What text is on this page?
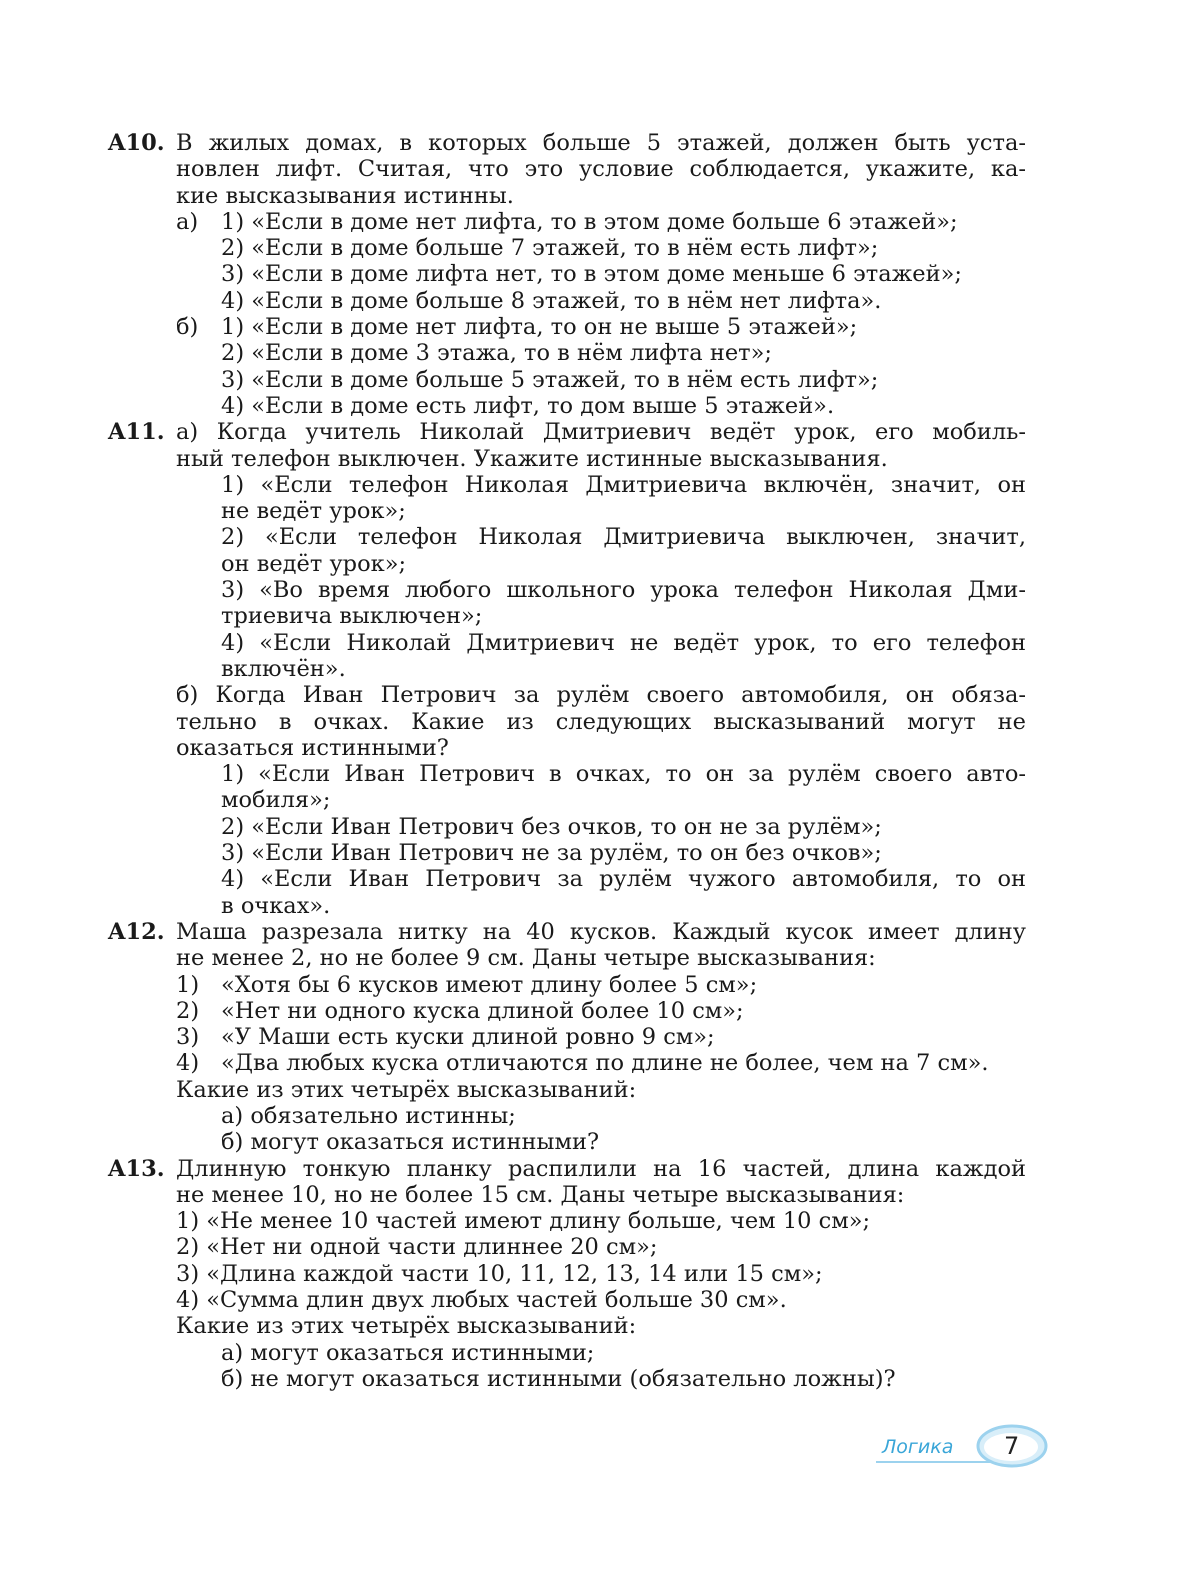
A10. В жилых домах, в которых больше 5 этажей, должен быть уста-
новлен лифт. Считая, что это условие соблюдается, укажите, ка-
кие высказывания истинны.
а)	1) «Если в доме нет лифта, то в этом доме больше 6 этажей»;
2) «Если в доме больше 7 этажей, то в нём есть лифт»;
3) «Если в доме лифта нет, то в этом доме меньше 6 этажей»;
4) «Если в доме больше 8 этажей, то в нём нет лифта».
б)	1) «Если в доме нет лифта, то он не выше 5 этажей»;
2) «Если в доме 3 этажа, то в нём лифта нет»;
3) «Если в доме больше 5 этажей, то в нём есть лифт»;
4) «Если в доме есть лифт, то дом выше 5 этажей».
A11. а) Когда учитель Николай Дмитриевич ведёт урок, его мобиль-
ный телефон выключен. Укажите истинные высказывания.
1) «Если телефон Николая Дмитриевича включён, значит, он
не ведёт урок»;
2) «Если телефон Николая Дмитриевича выключен, значит,
он ведёт урок»;
3) «Во время любого школьного урока телефон Николая Дми-
триевича выключен»;
4) «Если Николай Дмитриевич не ведёт урок, то его телефон
включён».
б) Когда Иван Петрович за рулём своего автомобиля, он обяза-
тельно в очках. Какие из следующих высказываний могут не
оказаться истинными?
1) «Если Иван Петрович в очках, то он за рулём своего авто-
мобиля»;
2) «Если Иван Петрович без очков, то он не за рулём»;
3) «Если Иван Петрович не за рулём, то он без очков»;
4) «Если Иван Петрович за рулём чужого автомобиля, то он
в очках».
A12. Маша разрезала нитку на 40 кусков. Каждый кусок имеет длину
не менее 2, но не более 9 см. Даны четыре высказывания:
1) «Хотя бы 6 кусков имеют длину более 5 см»;
2) «Нет ни одного куска длиной более 10 см»;
3) «У Маши есть куски длиной ровно 9 см»;
4) «Два любых куска отличаются по длине не более, чем на 7 см».
Какие из этих четырёх высказываний:
а) обязательно истинны;
б) могут оказаться истинными?
A13. Длинную тонкую планку распилили на 16 частей, длина каждой
не менее 10, но не более 15 см. Даны четыре высказывания:
1) «Не менее 10 частей имеют длину больше, чем 10 см»;
2) «Нет ни одной части длиннее 20 см»;
3) «Длина каждой части 10, 11, 12, 13, 14 или 15 см»;
4) «Сумма длин двух любых частей больше 30 см».
Какие из этих четырёх высказываний:
а) могут оказаться истинными;
б) не могут оказаться истинными (обязательно ложны)?
Логика 7
